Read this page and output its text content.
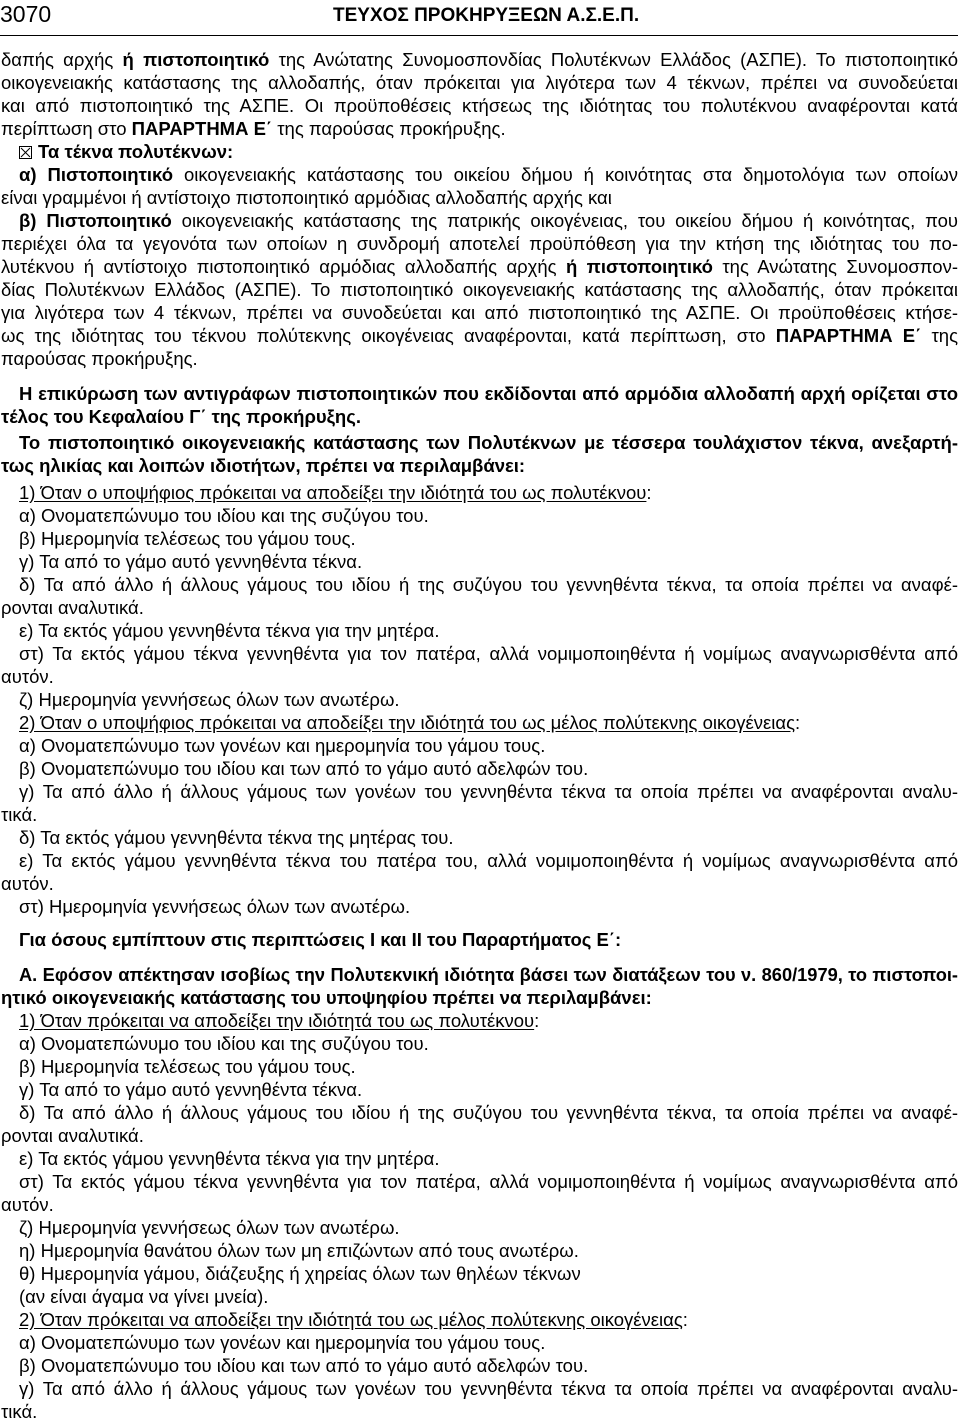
3070	ΤΕΥΧΟΣ ΠΡΟΚΗΡΥΞΕΩΝ Α.Σ.Ε.Π.
δαπής αρχής ή πιστοποιητικό της Ανώτατης Συνομοσπονδίας Πολυτέκνων Ελλάδος (ΑΣΠΕ). Το πιστοποιητικό
οικογενειακής κατάστασης της αλλοδαπής, όταν πρόκειται για λιγότερα των 4 τέκνων, πρέπει να συνοδεύεται
και από πιστοποιητικό της ΑΣΠΕ. Οι προϋποθέσεις κτήσεως της ιδιότητας του πολυτέκνου αναφέρονται κατά
περίπτωση στο ΠΑΡΑΡΤΗΜΑ Ε΄ της παρούσας προκήρυξης.
Τα τέκνα πολυτέκνων:
α) Πιστοποιητικό οικογενειακής κατάστασης του οικείου δήμου ή κοινότητας στα δημοτολόγια των οποίων
είναι γραμμένοι ή αντίστοιχο πιστοποιητικό αρμόδιας αλλοδαπής αρχής και
β) Πιστοποιητικό οικογενειακής κατάστασης της πατρικής οικογένειας, του οικείου δήμου ή κοινότητας, που
περιέχει όλα τα γεγονότα των οποίων η συνδρομή αποτελεί προϋπόθεση για την κτήση της ιδιότητας του πο-
λυτέκνου ή αντίστοιχο πιστοποιητικό αρμόδιας αλλοδαπής αρχής ή πιστοποιητικό της Ανώτατης Συνομοσπον-
δίας Πολυτέκνων Ελλάδος (ΑΣΠΕ). Το πιστοποιητικό οικογενειακής κατάστασης της αλλοδαπής, όταν πρόκειται
για λιγότερα των 4 τέκνων, πρέπει να συνοδεύεται και από πιστοποιητικό της ΑΣΠΕ. Οι προϋποθέσεις κτήσε-
ως της ιδιότητας του τέκνου πολύτεκνης οικογένειας αναφέρονται, κατά περίπτωση, στο ΠΑΡΑΡΤΗΜΑ Ε΄ της
παρούσας προκήρυξης.
Η επικύρωση των αντιγράφων πιστοποιητικών που εκδίδονται από αρμόδια αλλοδαπή αρχή ορίζεται στο
τέλος του Κεφαλαίου Γ΄ της προκήρυξης.
Το πιστοποιητικό οικογενειακής κατάστασης των Πολυτέκνων με τέσσερα τουλάχιστον τέκνα, ανεξαρτή-
τως ηλικίας και λοιπών ιδιοτήτων, πρέπει να περιλαμβάνει:
1) Όταν ο υποψήφιος πρόκειται να αποδείξει την ιδιότητά του ως πολυτέκνου:
α) Ονοματεπώνυμο του ιδίου και της συζύγου του.
β) Ημερομηνία τελέσεως του γάμου τους.
γ) Τα από το γάμο αυτό γεννηθέντα τέκνα.
δ) Τα από άλλο ή άλλους γάμους του ιδίου ή της συζύγου του γεννηθέντα τέκνα, τα οποία πρέπει να αναφέ-
ρονται αναλυτικά.
ε) Τα εκτός γάμου γεννηθέντα τέκνα για την μητέρα.
στ) Τα εκτός γάμου τέκνα γεννηθέντα για τον πατέρα, αλλά νομιμοποιηθέντα ή νομίμως αναγνωρισθέντα από
αυτόν.
ζ) Ημερομηνία γεννήσεως όλων των ανωτέρω.
2) Όταν ο υποψήφιος πρόκειται να αποδείξει την ιδιότητά του ως μέλος πολύτεκνης οικογένειας:
α) Ονοματεπώνυμο των γονέων και ημερομηνία του γάμου τους.
β) Ονοματεπώνυμο του ιδίου και των από το γάμο αυτό αδελφών του.
γ) Τα από άλλο ή άλλους γάμους των γονέων του γεννηθέντα τέκνα τα οποία πρέπει να αναφέρονται αναλυ-
τικά.
δ) Τα εκτός γάμου γεννηθέντα τέκνα της μητέρας του.
ε) Τα εκτός γάμου γεννηθέντα τέκνα του πατέρα του, αλλά νομιμοποιηθέντα ή νομίμως αναγνωρισθέντα από
αυτόν.
στ) Ημερομηνία γεννήσεως όλων των ανωτέρω.
Για όσους εμπίπτουν στις περιπτώσεις Ι και ΙΙ του Παραρτήματος Ε΄:
Α. Εφόσον απέκτησαν ισοβίως την Πολυτεκνική ιδιότητα βάσει των διατάξεων του ν. 860/1979, το πιστοποι-
ητικό οικογενειακής κατάστασης του υποψηφίου πρέπει να περιλαμβάνει:
1) Όταν πρόκειται να αποδείξει την ιδιότητά του ως πολυτέκνου:
α) Ονοματεπώνυμο του ιδίου και της συζύγου του.
β) Ημερομηνία τελέσεως του γάμου τους.
γ) Τα από το γάμο αυτό γεννηθέντα τέκνα.
δ) Τα από άλλο ή άλλους γάμους του ιδίου ή της συζύγου του γεννηθέντα τέκνα, τα οποία πρέπει να αναφέ-
ρονται αναλυτικά.
ε) Τα εκτός γάμου γεννηθέντα τέκνα για την μητέρα.
στ) Τα εκτός γάμου τέκνα γεννηθέντα για τον πατέρα, αλλά νομιμοποιηθέντα ή νομίμως αναγνωρισθέντα από
αυτόν.
ζ) Ημερομηνία γεννήσεως όλων των ανωτέρω.
η) Ημερομηνία θανάτου όλων των μη επιζώντων από τους ανωτέρω.
θ) Ημερομηνία γάμου, διάζευξης ή χηρείας όλων των θηλέων τέκνων
(αν είναι άγαμα να γίνει μνεία).
2) Όταν πρόκειται να αποδείξει την ιδιότητά του ως μέλος πολύτεκνης οικογένειας:
α) Ονοματεπώνυμο των γονέων και ημερομηνία του γάμου τους.
β) Ονοματεπώνυμο του ιδίου και των από το γάμο αυτό αδελφών του.
γ) Τα από άλλο ή άλλους γάμους των γονέων του γεννηθέντα τέκνα τα οποία πρέπει να αναφέρονται αναλυ-
τικά.
